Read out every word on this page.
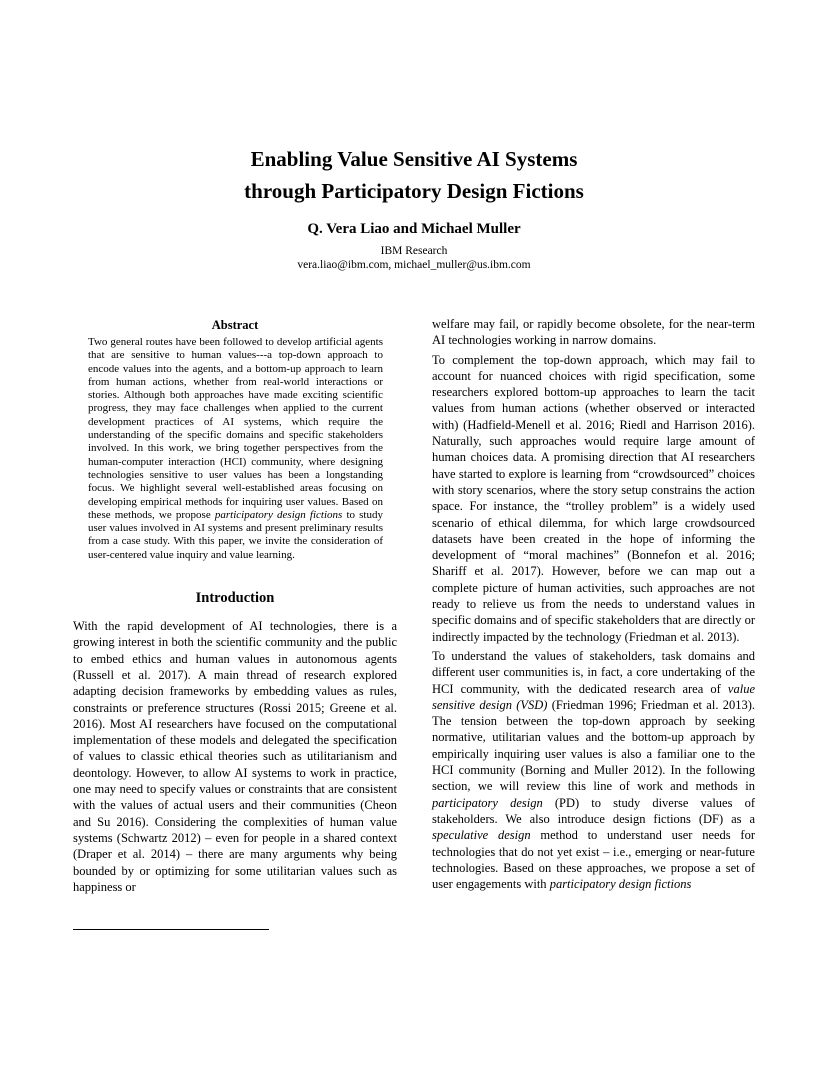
Enabling Value Sensitive AI Systems
through Participatory Design Fictions
Q. Vera Liao and Michael Muller
IBM Research
vera.liao@ibm.com, michael_muller@us.ibm.com
Abstract
Two general routes have been followed to develop artificial agents that are sensitive to human values---a top-down approach to encode values into the agents, and a bottom-up approach to learn from human actions, whether from real-world interactions or stories. Although both approaches have made exciting scientific progress, they may face challenges when applied to the current development practices of AI systems, which require the understanding of the specific domains and specific stakeholders involved. In this work, we bring together perspectives from the human-computer interaction (HCI) community, where designing technologies sensitive to user values has been a longstanding focus. We highlight several well-established areas focusing on developing empirical methods for inquiring user values. Based on these methods, we propose participatory design fictions to study user values involved in AI systems and present preliminary results from a case study. With this paper, we invite the consideration of user-centered value inquiry and value learning.
Introduction

With the rapid development of AI technologies, there is a growing interest in both the scientific community and the public to embed ethics and human values in autonomous agents (Russell et al. 2017). A main thread of research explored adapting decision frameworks by embedding values as rules, constraints or preference structures (Rossi 2015; Greene et al. 2016). Most AI researchers have focused on the computational implementation of these models and delegated the specification of values to classic ethical theories such as utilitarianism and deontology. However, to allow AI systems to work in practice, one may need to specify values or constraints that are consistent with the values of actual users and their communities (Cheon and Su 2016). Considering the complexities of human value systems (Schwartz 2012) – even for people in a shared context (Draper et al. 2014) – there are many arguments why being bounded by or optimizing for some utilitarian values such as happiness or

welfare may fail, or rapidly become obsolete, for the near-term AI technologies working in narrow domains.

To complement the top-down approach, which may fail to account for nuanced choices with rigid specification, some researchers explored bottom-up approaches to learn the tacit values from human actions (whether observed or interacted with) (Hadfield-Menell et al. 2016; Riedl and Harrison 2016). Naturally, such approaches would require large amount of human choices data. A promising direction that AI researchers have started to explore is learning from “crowdsourced” choices with story scenarios, where the story setup constrains the action space. For instance, the “trolley problem” is a widely used scenario of ethical dilemma, for which large crowdsourced datasets have been created in the hope of informing the development of “moral machines” (Bonnefon et al. 2016; Shariff et al. 2017). However, before we can map out a complete picture of human activities, such approaches are not ready to relieve us from the needs to understand values in specific domains and of specific stakeholders that are directly or indirectly impacted by the technology (Friedman et al. 2013).

To understand the values of stakeholders, task domains and different user communities is, in fact, a core undertaking of the HCI community, with the dedicated research area of value sensitive design (VSD) (Friedman 1996; Friedman et al. 2013). The tension between the top-down approach by seeking normative, utilitarian values and the bottom-up approach by empirically inquiring user values is also a familiar one to the HCI community (Borning and Muller 2012). In the following section, we will review this line of work and methods in participatory design (PD) to study diverse values of stakeholders. We also introduce design fictions (DF) as a speculative design method to understand user needs for technologies that do not yet exist – i.e., emerging or near-future technologies. Based on these approaches, we propose a set of user engagements with participatory design fictions
